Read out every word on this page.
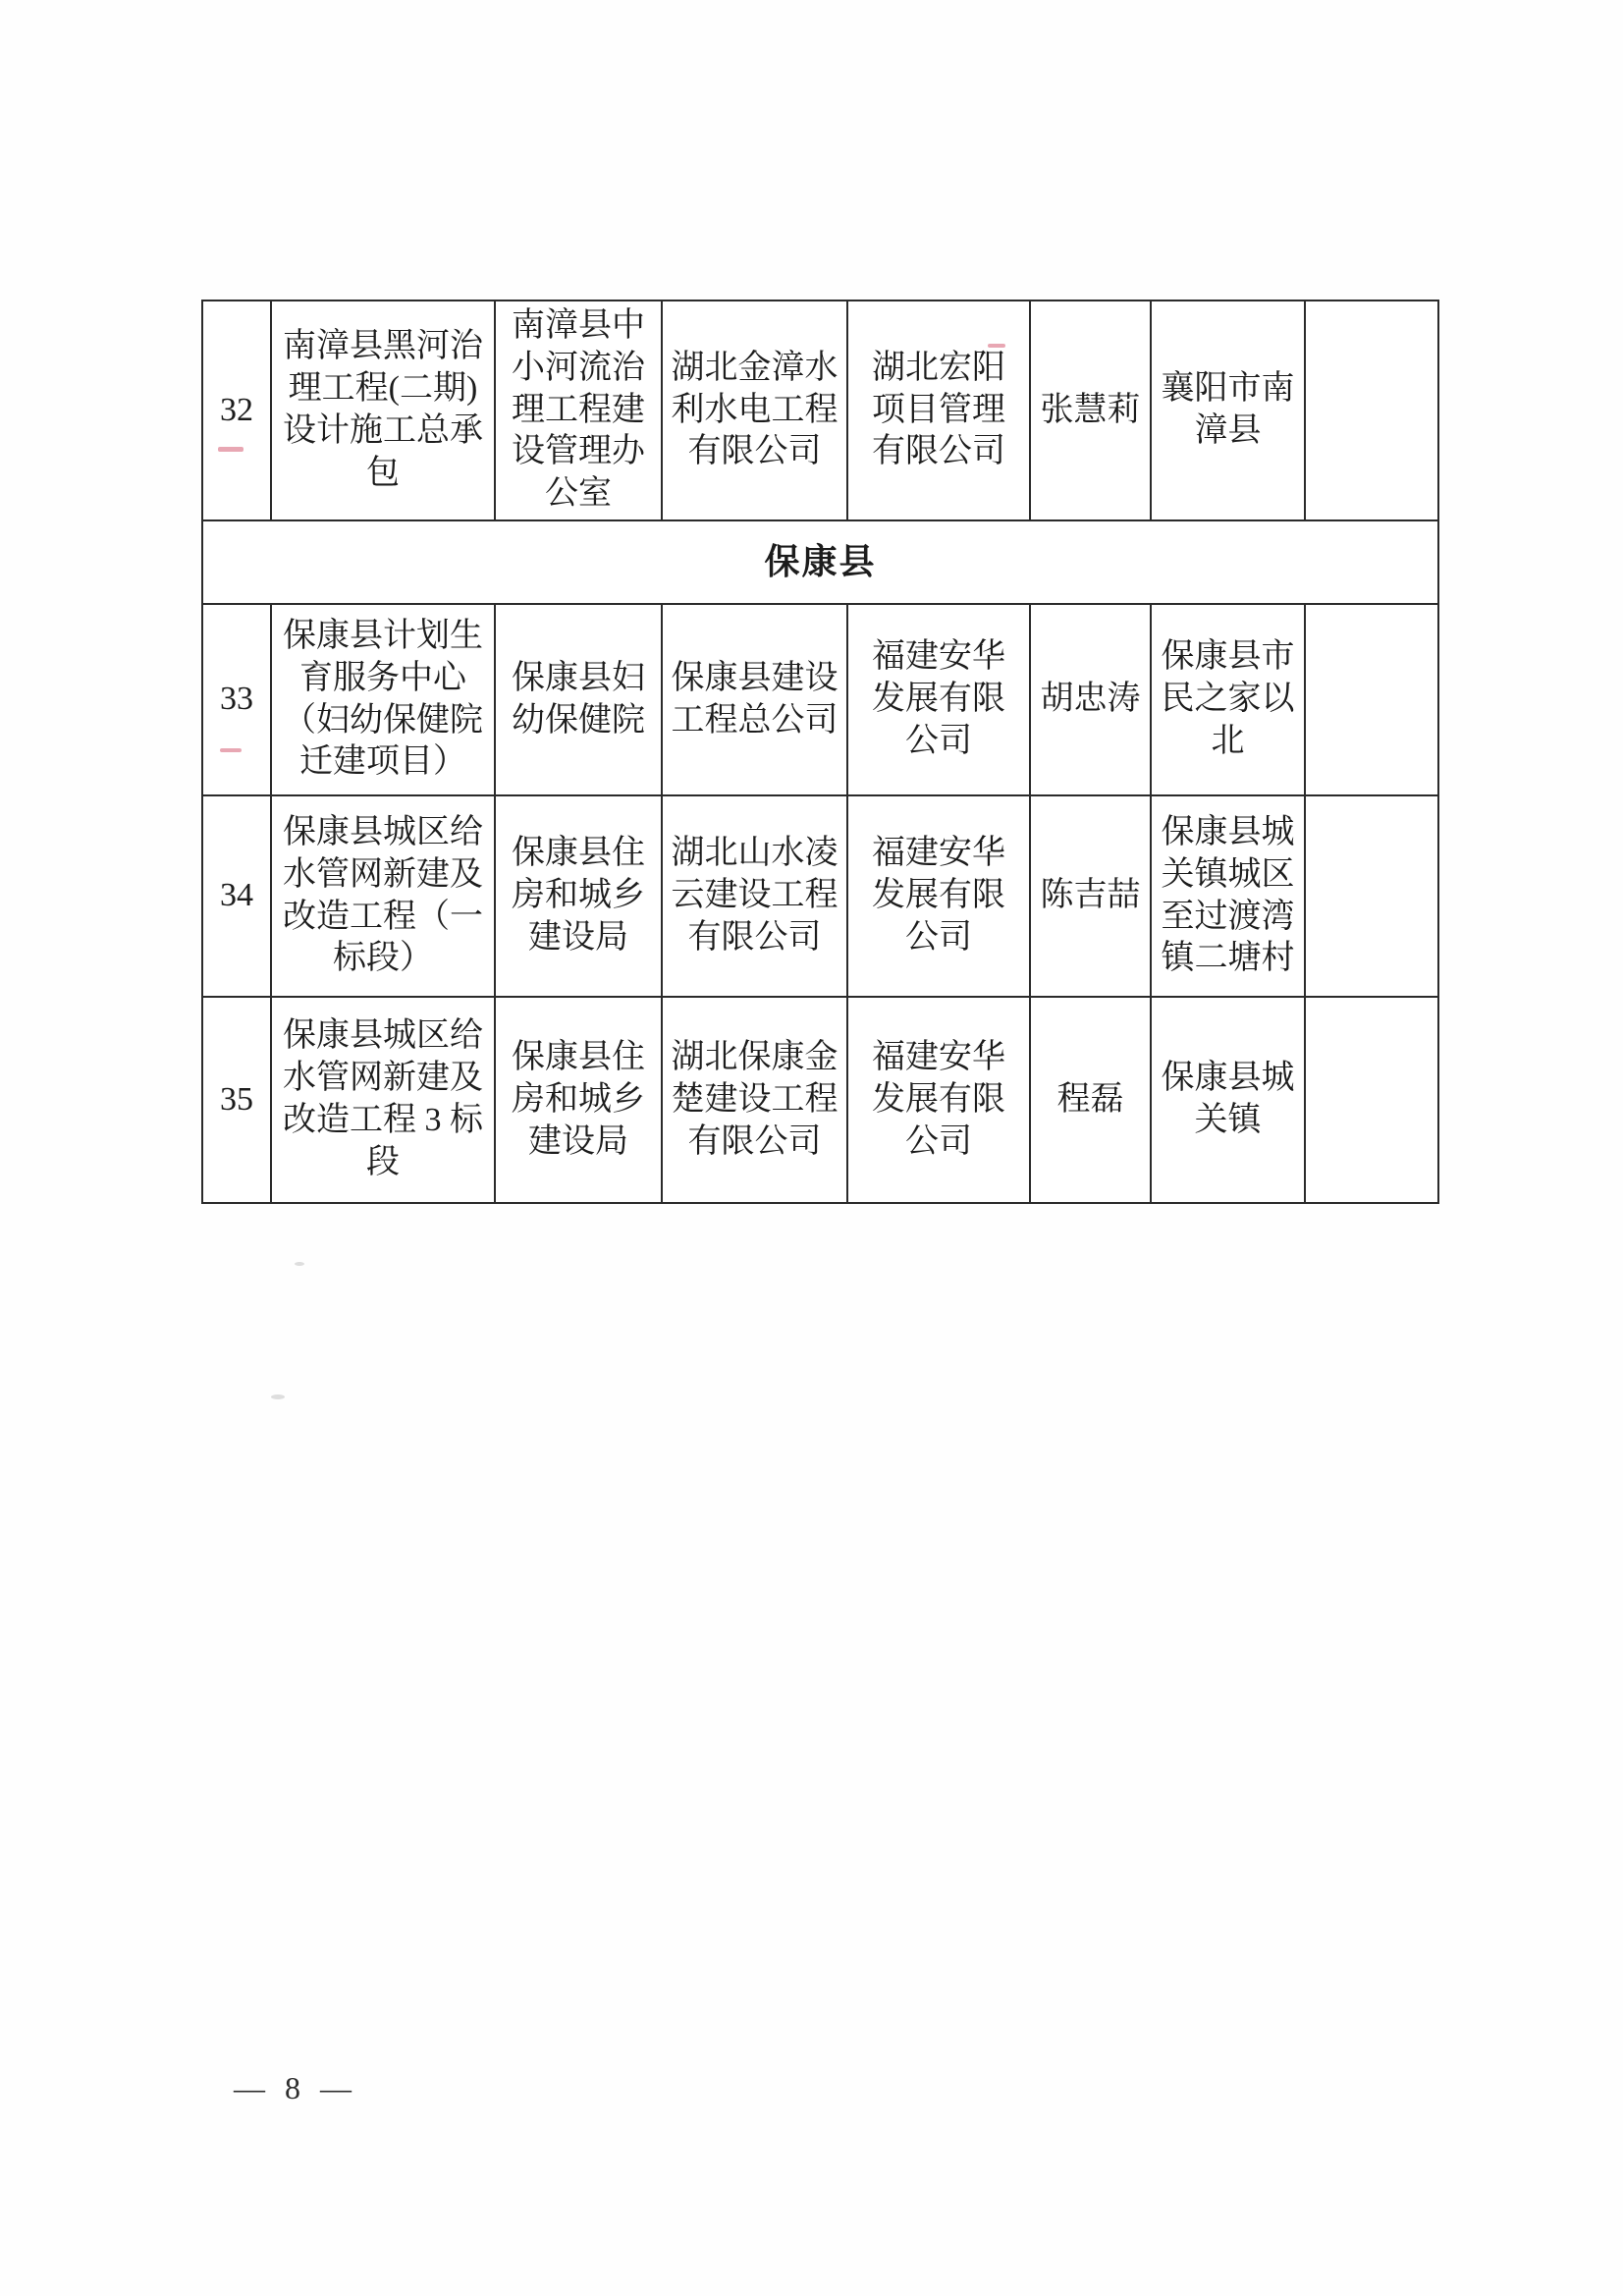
32	南漳县黑河治理工程(二期)设计施工总承包	南漳县中小河流治理工程建设管理办公室	湖北金漳水利水电工程有限公司	湖北宏阳项目管理有限公司	张慧莉	襄阳市南漳县	
保康县							
33	保康县计划生育服务中心（妇幼保健院迁建项目）	保康县妇幼保健院	保康县建设工程总公司	福建安华发展有限公司	胡忠涛	保康县市民之家以北	
34	保康县城区给水管网新建及改造工程（一标段）	保康县住房和城乡建设局	湖北山水凌云建设工程有限公司	福建安华发展有限公司	陈吉喆	保康县城关镇城区至过渡湾镇二塘村	
35	保康县城区给水管网新建及改造工程 3 标段	保康县住房和城乡建设局	湖北保康金楚建设工程有限公司	福建安华发展有限公司	程磊	保康县城关镇	
— 8 —
